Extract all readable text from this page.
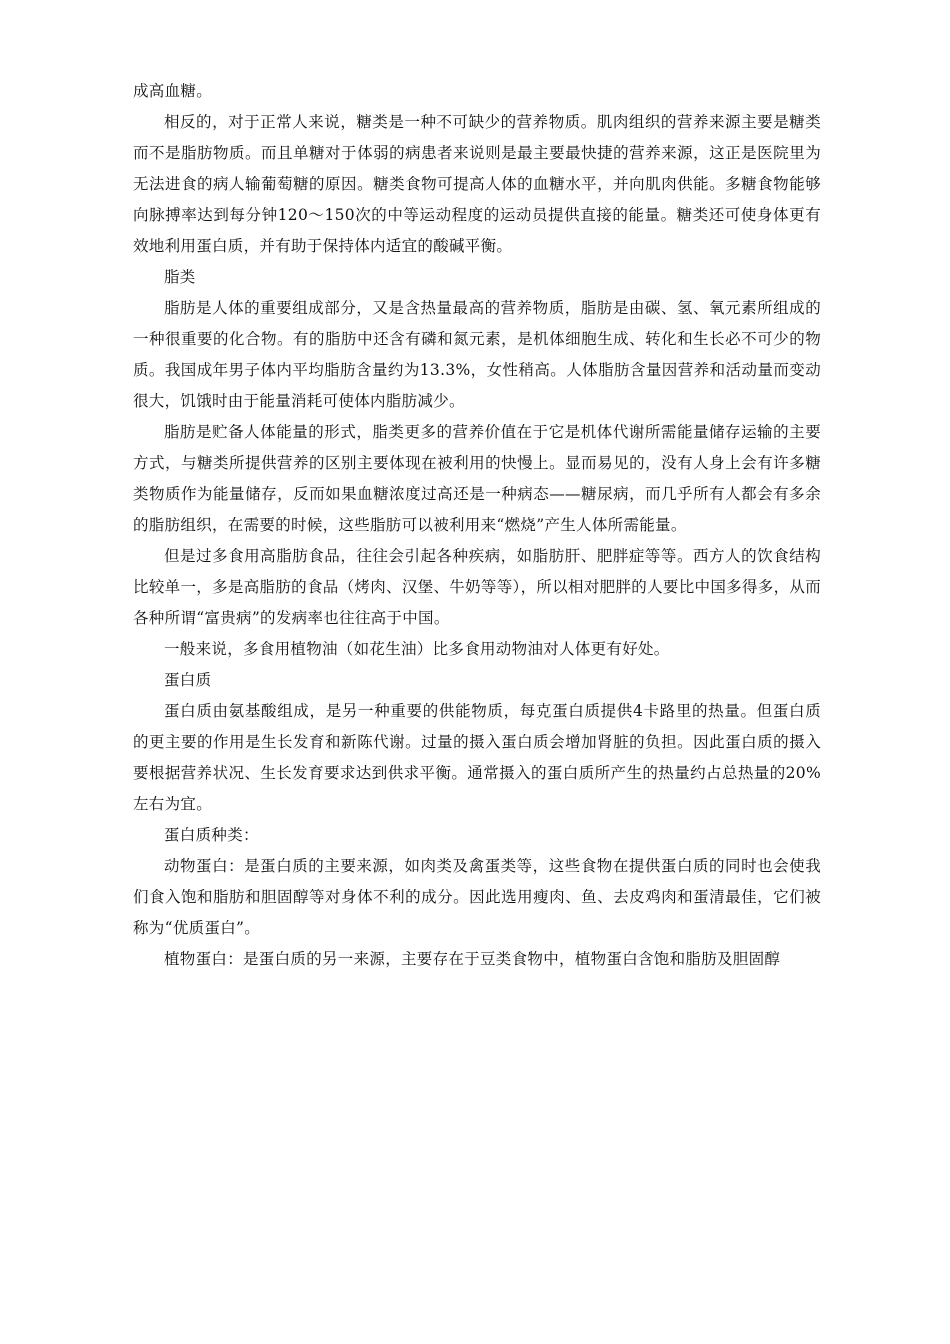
成高血糖。

相反的，对于正常人来说，糖类是一种不可缺少的营养物质。肌肉组织的营养来源主要是糖类而不是脂肪物质。而且单糖对于体弱的病患者来说则是最主要最快捷的营养来源，这正是医院里为无法进食的病人输葡萄糖的原因。糖类食物可提高人体的血糖水平，并向肌肉供能。多糖食物能够向脉搏率达到每分钟120～150次的中等运动程度的运动员提供直接的能量。糖类还可使身体更有效地利用蛋白质，并有助于保持体内适宜的酸碱平衡。

脂类

脂肪是人体的重要组成部分，又是含热量最高的营养物质，脂肪是由碳、氢、氧元素所组成的一种很重要的化合物。有的脂肪中还含有磷和氮元素，是机体细胞生成、转化和生长必不可少的物质。我国成年男子体内平均脂肪含量约为13.3%，女性稍高。人体脂肪含量因营养和活动量而变动很大，饥饿时由于能量消耗可使体内脂肪减少。

脂肪是贮备人体能量的形式，脂类更多的营养价值在于它是机体代谢所需能量储存运输的主要方式，与糖类所提供营养的区别主要体现在被利用的快慢上。显而易见的，没有人身上会有许多糖类物质作为能量储存，反而如果血糖浓度过高还是一种病态——糖尿病，而几乎所有人都会有多余的脂肪组织，在需要的时候，这些脂肪可以被利用来“燃烧”产生人体所需能量。

但是过多食用高脂肪食品，往往会引起各种疾病，如脂肪肝、肥胖症等等。西方人的饮食结构比较单一，多是高脂肪的食品（烤肉、汉堡、牛奶等等），所以相对肥胖的人要比中国多得多，从而各种所谓“富贵病”的发病率也往往高于中国。

一般来说，多食用植物油（如花生油）比多食用动物油对人体更有好处。

蛋白质

蛋白质由氨基酸组成，是另一种重要的供能物质，每克蛋白质提供4卡路里的热量。但蛋白质的更主要的作用是生长发育和新陈代谢。过量的摄入蛋白质会增加肾脏的负担。因此蛋白质的摄入要根据营养状况、生长发育要求达到供求平衡。通常摄入的蛋白质所产生的热量约占总热量的20%左右为宜。

蛋白质种类：

动物蛋白：是蛋白质的主要来源，如肉类及禽蛋类等，这些食物在提供蛋白质的同时也会使我们食入饱和脂肪和胆固醇等对身体不利的成分。因此选用瘦肉、鱼、去皮鸡肉和蛋清最佳，它们被称为“优质蛋白”。

植物蛋白：是蛋白质的另一来源，主要存在于豆类食物中，植物蛋白含饱和脂肪及胆固醇
